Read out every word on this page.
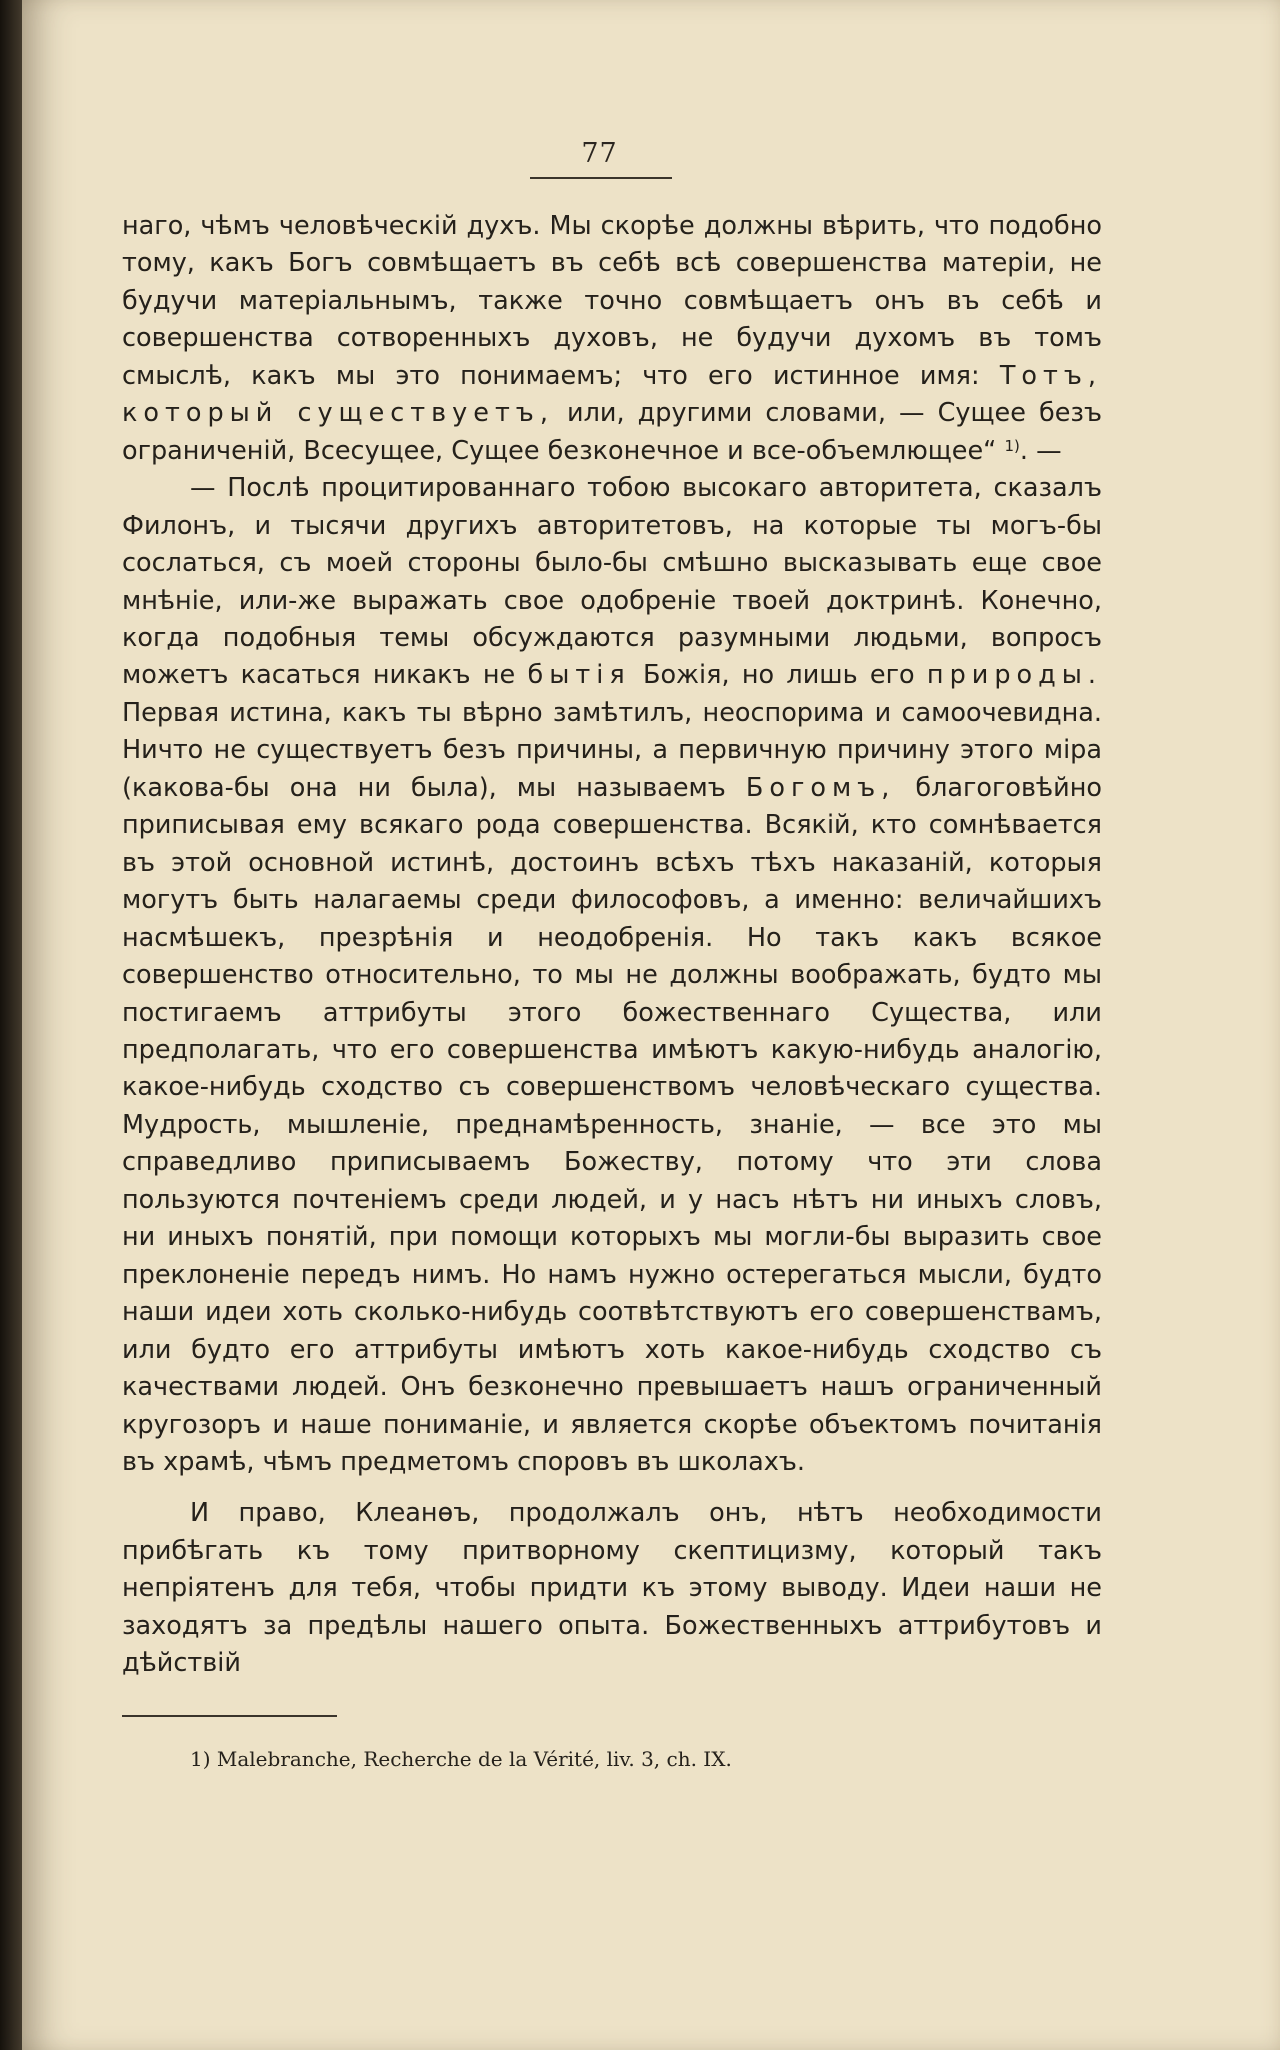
77

наго, чѣмъ человѣческій духъ. Мы скорѣе должны вѣрить, что подобно тому, какъ Богъ совмѣщаетъ въ себѣ всѣ совершенства матеріи, не будучи матеріальнымъ, также точно совмѣщаетъ онъ въ себѣ и совершенства сотворенныхъ духовъ, не будучи духомъ въ томъ смыслѣ, какъ мы это понимаемъ; что его истинное имя: Тотъ, который существуетъ, или, другими словами, — Сущее безъ ограниченій, Всесущее, Сущее безконечное и все-объемлющее“ $^{1)}$. —

— Послѣ процитированнаго тобою высокаго авторитета, сказалъ Филонъ, и тысячи другихъ авторитетовъ, на которые ты могъ-бы сослаться, съ моей стороны было-бы смѣшно высказывать еще свое мнѣніе, или-же выражать свое одобреніе твоей доктринѣ. Конечно, когда подобныя темы обсуждаются разумными людьми, вопросъ можетъ касаться никакъ не бытія Божія, но лишь его природы. Первая истина, какъ ты вѣрно замѣтилъ, неоспорима и самоочевидна. Ничто не существуетъ безъ причины, а первичную причину этого міра (какова-бы она ни была), мы называемъ Богомъ, благоговѣйно приписывая ему всякаго рода совершенства. Всякій, кто сомнѣвается въ этой основной истинѣ, достоинъ всѣхъ тѣхъ наказаній, которыя могутъ быть налагаемы среди философовъ, а именно: величайшихъ насмѣшекъ, презрѣнія и неодобренія. Но такъ какъ всякое совершенство относительно, то мы не должны воображать, будто мы постигаемъ аттрибуты этого божественнаго Существа, или предполагать, что его совершенства имѣютъ какую-нибудь аналогію, какое-нибудь сходство съ совершенствомъ человѣческаго существа. Мудрость, мышленіе, преднамѣренность, знаніе, — все это мы справедливо приписываемъ Божеству, потому что эти слова пользуются почтеніемъ среди людей, и у насъ нѣтъ ни иныхъ словъ, ни иныхъ понятій, при помощи которыхъ мы могли-бы выразить свое преклоненіе передъ нимъ. Но намъ нужно остерегаться мысли, будто наши идеи хоть сколько-нибудь соотвѣтствуютъ его совершенствамъ, или будто его аттрибуты имѣютъ хоть какое-нибудь сходство съ качествами людей. Онъ безконечно превышаетъ нашъ ограниченный кругозоръ и наше пониманіе, и является скорѣе объектомъ почитанія въ храмѣ, чѣмъ предметомъ споровъ въ школахъ.

И право, Клеанѳъ, продолжалъ онъ, нѣтъ необходимости прибѣгать къ тому притворному скептицизму, который такъ непріятенъ для тебя, чтобы придти къ этому выводу. Идеи наши не заходятъ за предѣлы нашего опыта. Божественныхъ аттрибутовъ и дѣйствій

1) Malebranche, Recherche de la Vérité, liv. 3, ch. IX.
